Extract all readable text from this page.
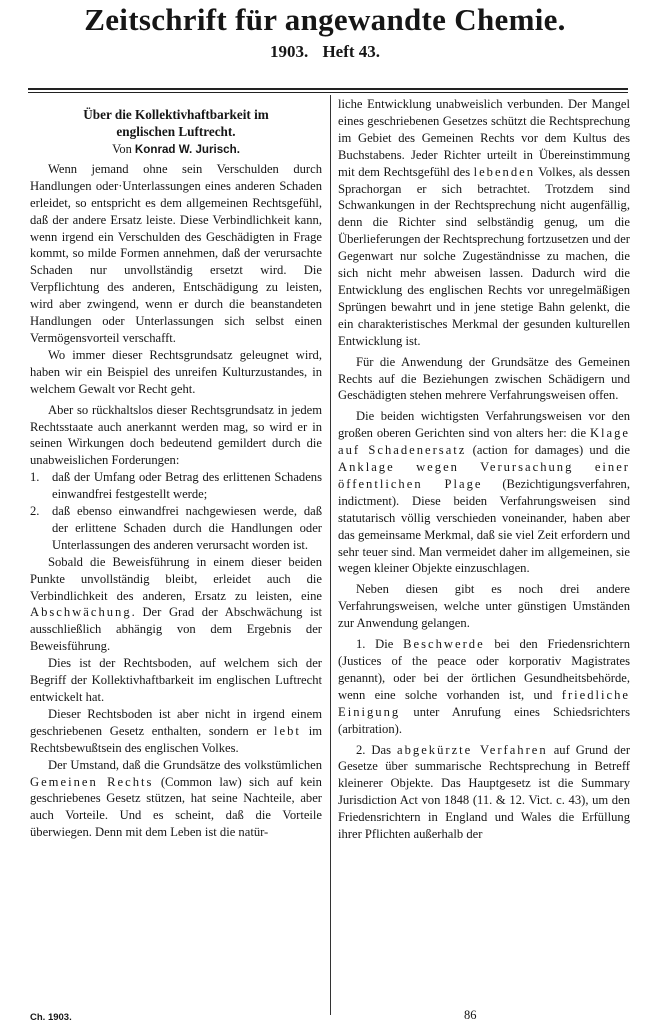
Zeitschrift für angewandte Chemie.
1903. Heft 43.
Über die Kollektivhaftbarkeit im
englischen Luftrecht.
Von Konrad W. Jurisch.

Wenn jemand ohne sein Verschulden durch Handlungen oder·Unterlassungen eines anderen Schaden erleidet, so entspricht es dem allgemeinen Rechtsgefühl, daß der andere Ersatz leiste. Diese Verbindlichkeit kann, wenn irgend ein Verschulden des Geschädigten in Frage kommt, so milde Formen annehmen, daß der verursachte Schaden nur unvollständig ersetzt wird. Die Verpflichtung des anderen, Entschädigung zu leisten, wird aber zwingend, wenn er durch die beanstandeten Handlungen oder Unterlassungen sich selbst einen Vermögensvorteil verschafft.

Wo immer dieser Rechtsgrundsatz geleugnet wird, haben wir ein Beispiel des unreifen Kulturzustandes, in welchem Gewalt vor Recht geht.

Aber so rückhaltslos dieser Rechtsgrundsatz in jedem Rechtsstaate auch anerkannt werden mag, so wird er in seinen Wirkungen doch bedeutend gemildert durch die unabweislichen Forderungen:

1. daß der Umfang oder Betrag des erlittenen Schadens einwandfrei festgestellt werde;
2. daß ebenso einwandfrei nachgewiesen werde, daß der erlittene Schaden durch die Handlungen oder Unterlassungen des anderen verursacht worden ist.

Sobald die Beweisführung in einem dieser beiden Punkte unvollständig bleibt, erleidet auch die Verbindlichkeit des anderen, Ersatz zu leisten, eine Abschwächung. Der Grad der Abschwächung ist ausschließlich abhängig von dem Ergebnis der Beweisführung.

Dies ist der Rechtsboden, auf welchem sich der Begriff der Kollektivhaftbarkeit im englischen Luftrecht entwickelt hat.

Dieser Rechtsboden ist aber nicht in irgend einem geschriebenen Gesetz enthalten, sondern er lebt im Rechtsbewußtsein des englischen Volkes.

Der Umstand, daß die Grundsätze des volkstümlichen Gemeinen Rechts (Common law) sich auf kein geschriebenes Gesetz stützen, hat seine Nachteile, aber auch Vorteile. Und es scheint, daß die Vorteile überwiegen. Denn mit dem Leben ist die natür-

liche Entwicklung unabweislich verbunden. Der Mangel eines geschriebenen Gesetzes schützt die Rechtsprechung im Gebiet des Gemeinen Rechts vor dem Kultus des Buchstabens. Jeder Richter urteilt in Übereinstimmung mit dem Rechtsgefühl des lebenden Volkes, als dessen Sprachorgan er sich betrachtet. Trotzdem sind Schwankungen in der Rechtsprechung nicht augenfällig, denn die Richter sind selbständig genug, um die Überlieferungen der Rechtsprechung fortzusetzen und der Gegenwart nur solche Zugeständnisse zu machen, die sich nicht mehr abweisen lassen. Dadurch wird die Entwicklung des englischen Rechts vor unregelmäßigen Sprüngen bewahrt und in jene stetige Bahn gelenkt, die ein charakteristisches Merkmal der gesunden kulturellen Entwicklung ist.

Für die Anwendung der Grundsätze des Gemeinen Rechts auf die Beziehungen zwischen Schädigern und Geschädigten stehen mehrere Verfahrungsweisen offen.

Die beiden wichtigsten Verfahrungsweisen vor den großen oberen Gerichten sind von alters her: die Klage auf Schadenersatz (action for damages) und die Anklage wegen Verursachung einer öffentlichen Plage (Bezichtigungsverfahren, indictment). Diese beiden Verfahrungsweisen sind statutarisch völlig verschieden voneinander, haben aber das gemeinsame Merkmal, daß sie viel Zeit erfordern und sehr teuer sind. Man vermeidet daher im allgemeinen, sie wegen kleiner Objekte einzuschlagen.

Neben diesen gibt es noch drei andere Verfahrungsweisen, welche unter günstigen Umständen zur Anwendung gelangen.

1. Die Beschwerde bei den Friedensrichtern (Justices of the peace oder korporativ Magistrates genannt), oder bei der örtlichen Gesundheitsbehörde, wenn eine solche vorhanden ist, und friedliche Einigung unter Anrufung eines Schiedsrichters (arbitration).

2. Das abgekürzte Verfahren auf Grund der Gesetze über summarische Rechtsprechung in Betreff kleinerer Objekte. Das Hauptgesetz ist die Summary Jurisdiction Act von 1848 (11. & 12. Vict. c. 43), um den Friedensrichtern in England und Wales die Erfüllung ihrer Pflichten außerhalb der

Ch. 1903.	86
